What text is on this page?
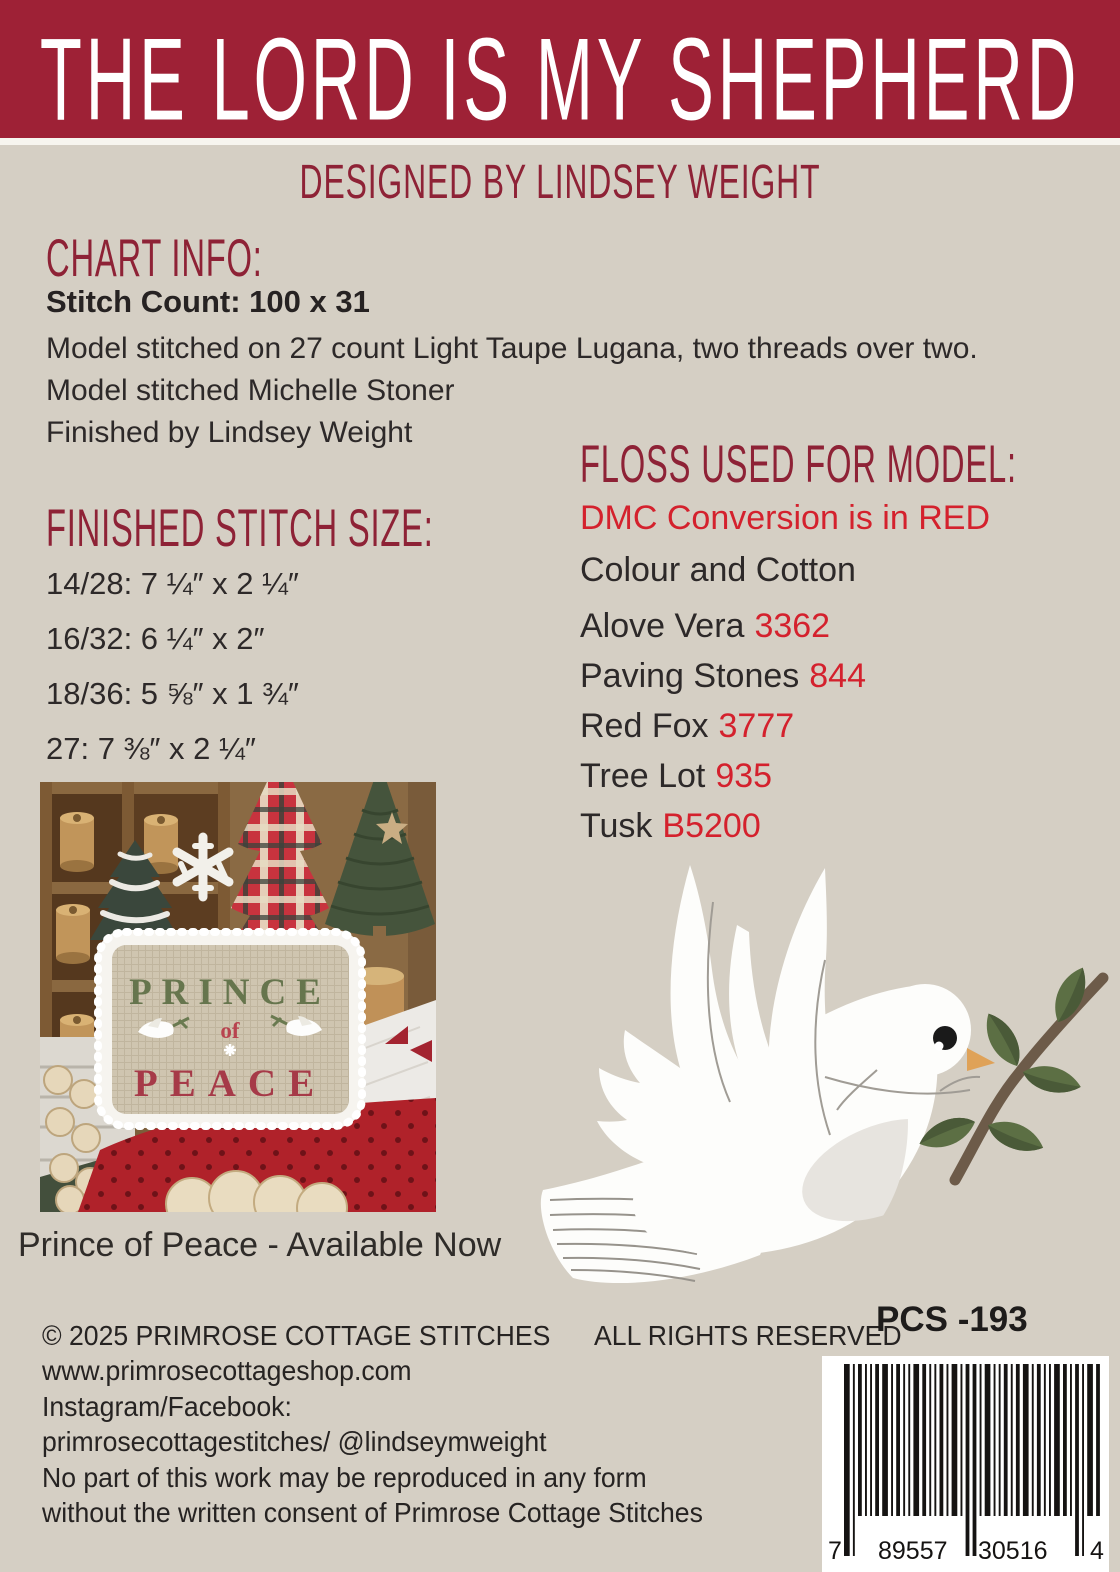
THE LORD IS MY SHEPHERD
DESIGNED BY LINDSEY WEIGHT
CHART INFO:
Stitch Count: 100 x 31
Model stitched on 27 count Light Taupe Lugana, two threads over two.
Model stitched Michelle Stoner
Finished by Lindsey Weight
FINISHED STITCH SIZE:
14/28: 7 ¼″ x 2 ¼″
16/32: 6 ¼″ x 2″
18/36: 5 ⅝″ x 1 ¾″
27: 7 ⅜″ x 2 ¼″
FLOSS USED FOR MODEL:
DMC Conversion is in RED
Colour and Cotton
Alove Vera 3362
Paving Stones 844
Red Fox 3777
Tree Lot 935
Tusk B5200
PRINCE
of
PEACE
Prince of Peace - Available Now
© 2025 PRIMROSE COTTAGE STITCHES ALL RIGHTS RESERVED
www.primrosecottageshop.com
Instagram/Facebook:
primrosecottagestitches/ @lindseymweight
No part of this work may be reproduced in any form
without the written consent of Primrose Cottage Stitches
PCS -193
7 89557 30516 4
